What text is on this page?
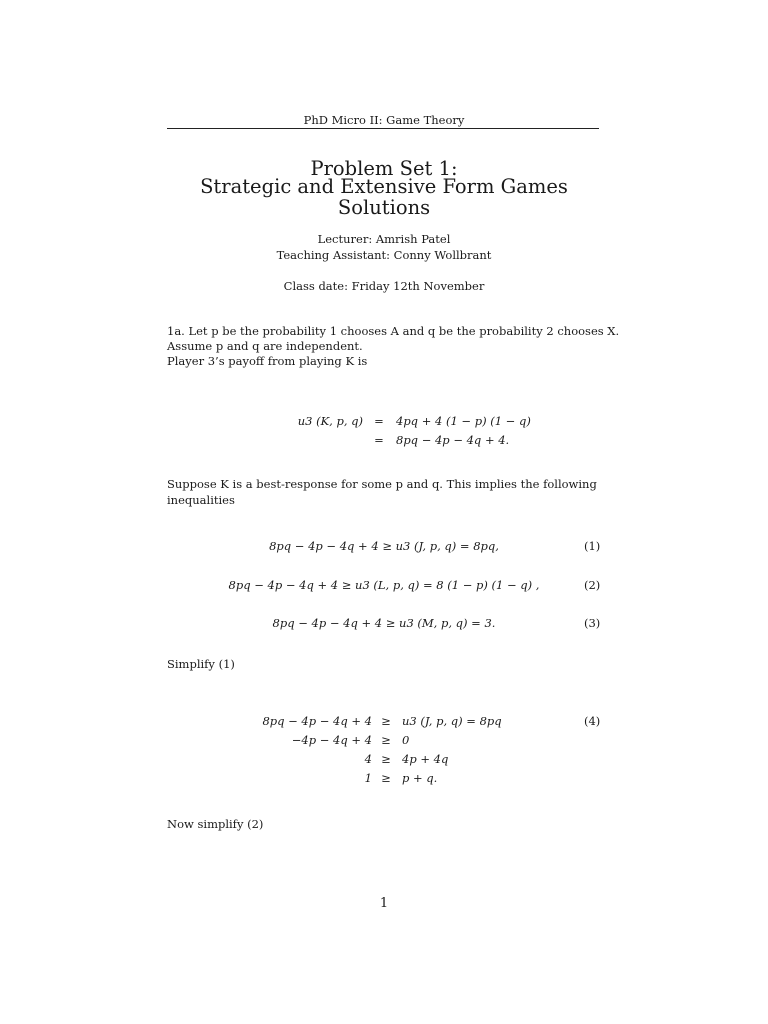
PhD Micro II: Game Theory
Problem Set 1:
Strategic and Extensive Form Games
Solutions
Lecturer: Amrish Patel
Teaching Assistant: Conny Wollbrant
Class date: Friday 12th November
1a. Let p be the probability 1 chooses A and q be the probability 2 chooses X.
Assume p and q are independent.
Player 3’s payoff from playing K is
u3 (K, p, q) =	4pq + 4 (1 − p) (1 − q)
=	8pq − 4p − 4q + 4.
Suppose K is a best-response for some p and q. This implies the following
inequalities
8pq − 4p − 4q + 4 ≥ u3 (J, p, q) = 8pq,	(1)
8pq − 4p − 4q + 4 ≥ u3 (L, p, q) = 8 (1 − p) (1 − q) ,	(2)
8pq − 4p − 4q + 4 ≥ u3 (M, p, q) = 3.	(3)
Simplify (1)
8pq − 4p − 4q + 4 ≥ u3 (J, p, q) = 8pq	(4)
−4p − 4q + 4 ≥ 0
4 ≥ 4p + 4q
1 ≥ p + q.
Now simplify (2)
1
